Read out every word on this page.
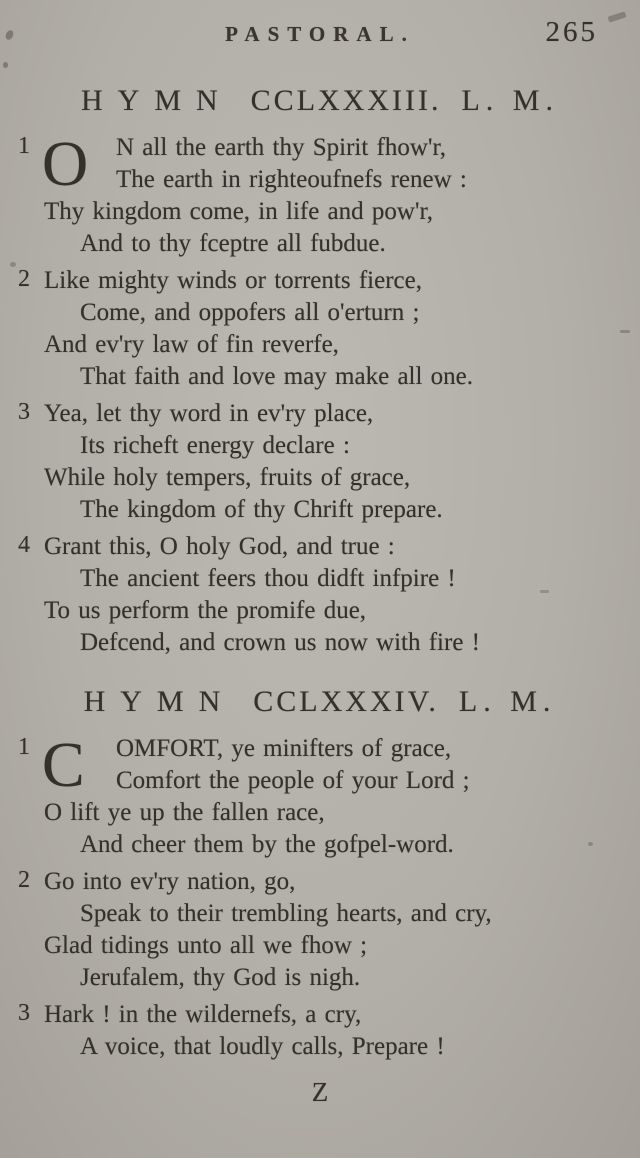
PASTORAL.	265
HYMN CCLXXXIII. L. M.
1 O	N all the earth thy Spirit fhow'r,
The earth in righteoufnefs renew :
Thy kingdom come, in life and pow'r,
And to thy fceptre all fubdue.
2 Like mighty winds or torrents fierce,
Come, and oppofers all o'erturn ;
And ev'ry law of fin reverfe,
That faith and love may make all one.
3 Yea, let thy word in ev'ry place,
Its richeft energy declare :
While holy tempers, fruits of grace,
The kingdom of thy Chrift prepare.
4 Grant this, O holy God, and true :
The ancient feers thou didft infpire !
To us perform the promife due,
Defcend, and crown us now with fire !
HYMN CCLXXXIV. L. M.
1 C	OMFORT, ye minifters of grace,
Comfort the people of your Lord ;
O lift ye up the fallen race,
And cheer them by the gofpel-word.
2 Go into ev'ry nation, go,
Speak to their trembling hearts, and cry,
Glad tidings unto all we fhow ;
Jerufalem, thy God is nigh.
3 Hark ! in the wildernefs, a cry,
A voice, that loudly calls, Prepare !
Z
